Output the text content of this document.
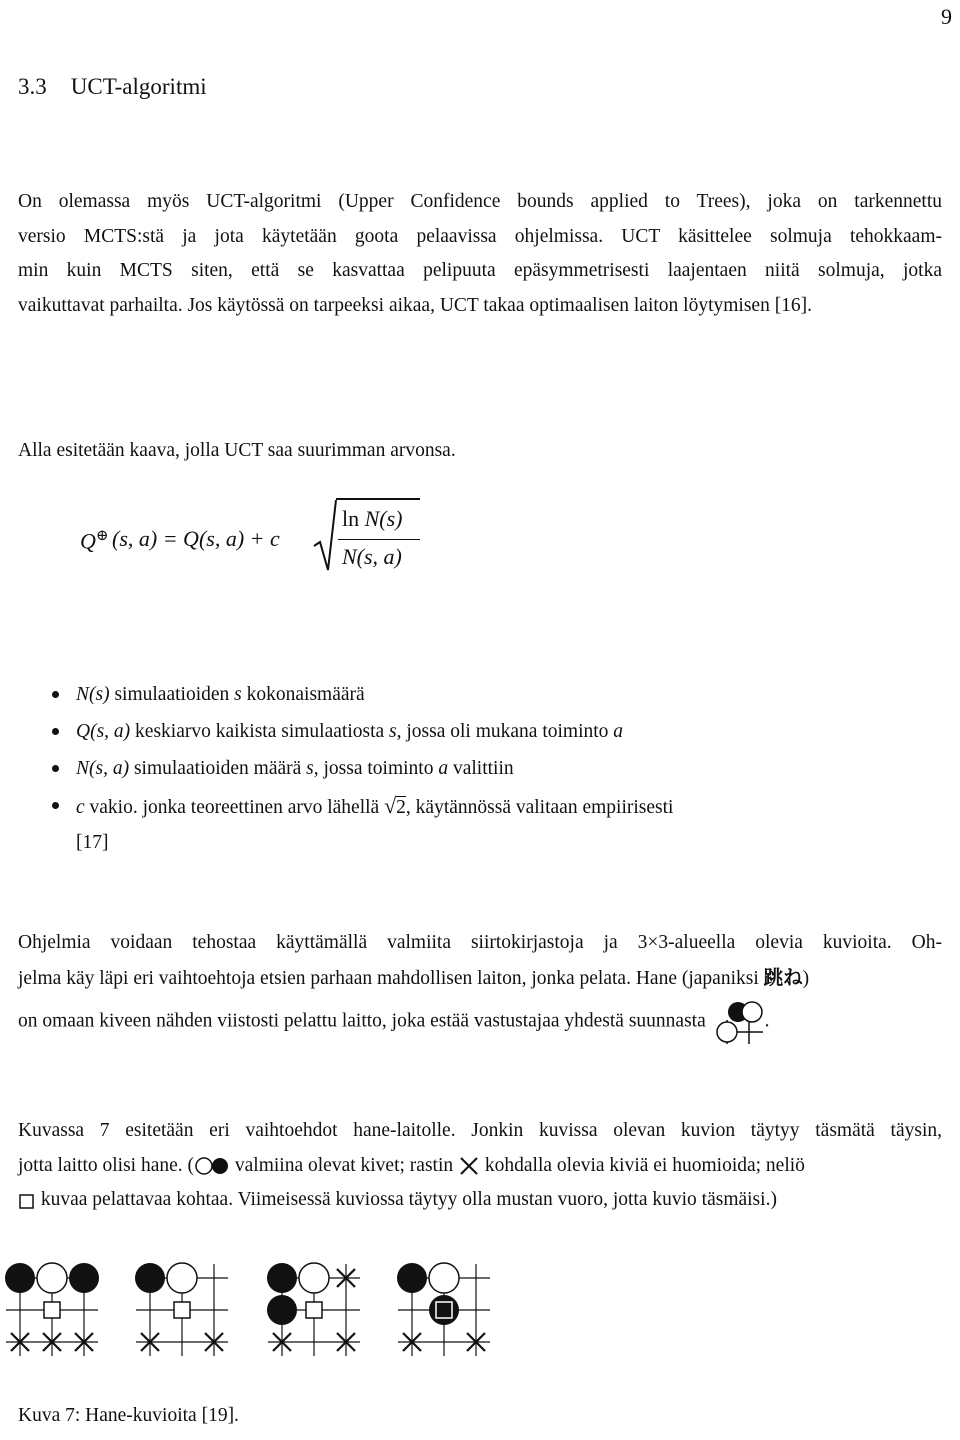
9
3.3 UCT-algoritmi

On olemassa myös UCT-algoritmi (Upper Confidence bounds applied to Trees), joka on tarkennettu
versio MCTS:stä ja jota käytetään goota pelaavissa ohjelmissa. UCT käsittelee solmuja tehokkaam-
min kuin MCTS siten, että se kasvattaa pelipuuta epäsymmetrisesti laajentaen niitä solmuja, jotka
vaikuttavat parhailta. Jos käytössä on tarpeeksi aikaa, UCT takaa optimaalisen laiton löytymisen [16].

Alla esitetään kaava, jolla UCT saa suurimman arvonsa.

Q⊕ (s, a) = Q(s, a) + c
ln N(s)
N(s, a)
N(s) simulaatioiden s kokonaismäärä
Q(s, a) keskiarvo kaikista simulaatiosta s, jossa oli mukana toiminto a
N(s, a) simulaatioiden määrä s, jossa toiminto a valittiin
c vakio. jonka teoreettinen arvo lähellä √2, käytännössä valitaan empiirisesti
[17]

Ohjelmia voidaan tehostaa käyttämällä valmiita siirtokirjastoja ja 3×3-alueella olevia kuvioita. Oh-
jelma käy läpi eri vaihtoehtoja etsien parhaan mahdollisen laiton, jonka pelata. Hane (japaniksi 跳ね)
on omaan kiveen nähden viistosti pelattu laitto, joka estää vastustajaa yhdestä suunnasta	.

Kuvassa 7 esitetään eri vaihtoehdot hane-laitolle. Jonkin kuvissa olevan kuvion täytyy täsmätä täysin,
jotta laitto olisi hane. ( valmiina olevat kivet; rastin  kohdalla olevia kiviä ei huomioida; neliö
kuvaa pelattavaa kohtaa. Viimeisessä kuviossa täytyy olla mustan vuoro, jotta kuvio täsmäisi.)

Kuva 7: Hane-kuvioita [19].
